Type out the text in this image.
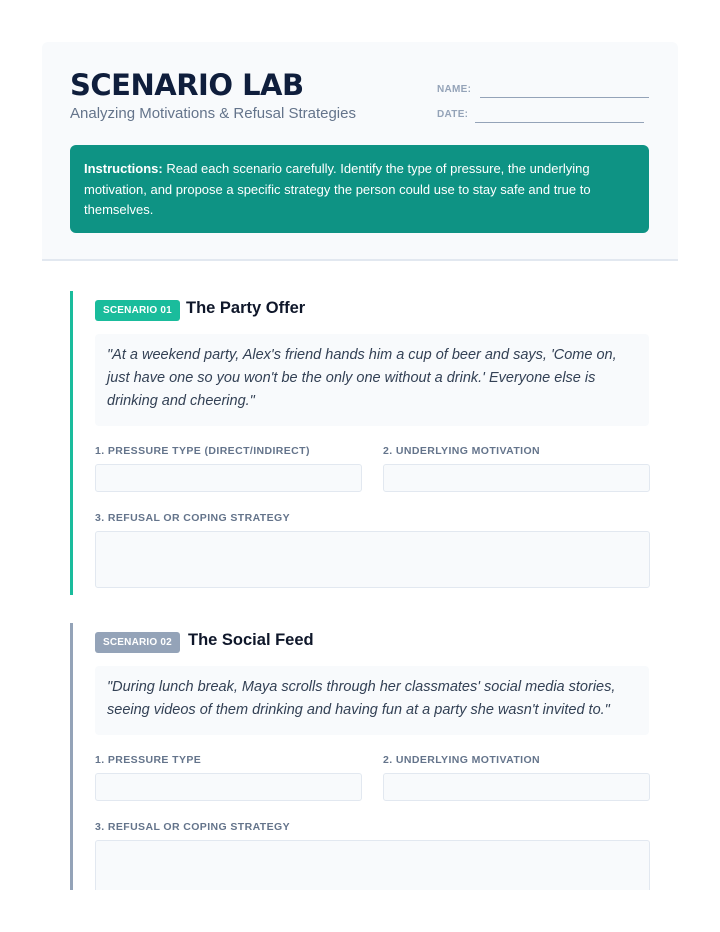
SCENARIO LAB
Analyzing Motivations & Refusal Strategies
NAME:
DATE:
Instructions: Read each scenario carefully. Identify the type of pressure, the underlying motivation, and propose a specific strategy the person could use to stay safe and true to themselves.
SCENARIO 01 The Party Offer
"At a weekend party, Alex's friend hands him a cup of beer and says, 'Come on, just have one so you won't be the only one without a drink.' Everyone else is drinking and cheering."
1. PRESSURE TYPE (DIRECT/INDIRECT)	2. UNDERLYING MOTIVATION
3. REFUSAL OR COPING STRATEGY
SCENARIO 02 The Social Feed
"During lunch break, Maya scrolls through her classmates' social media stories, seeing videos of them drinking and having fun at a party she wasn't invited to."
1. PRESSURE TYPE	2. UNDERLYING MOTIVATION
3. REFUSAL OR COPING STRATEGY
